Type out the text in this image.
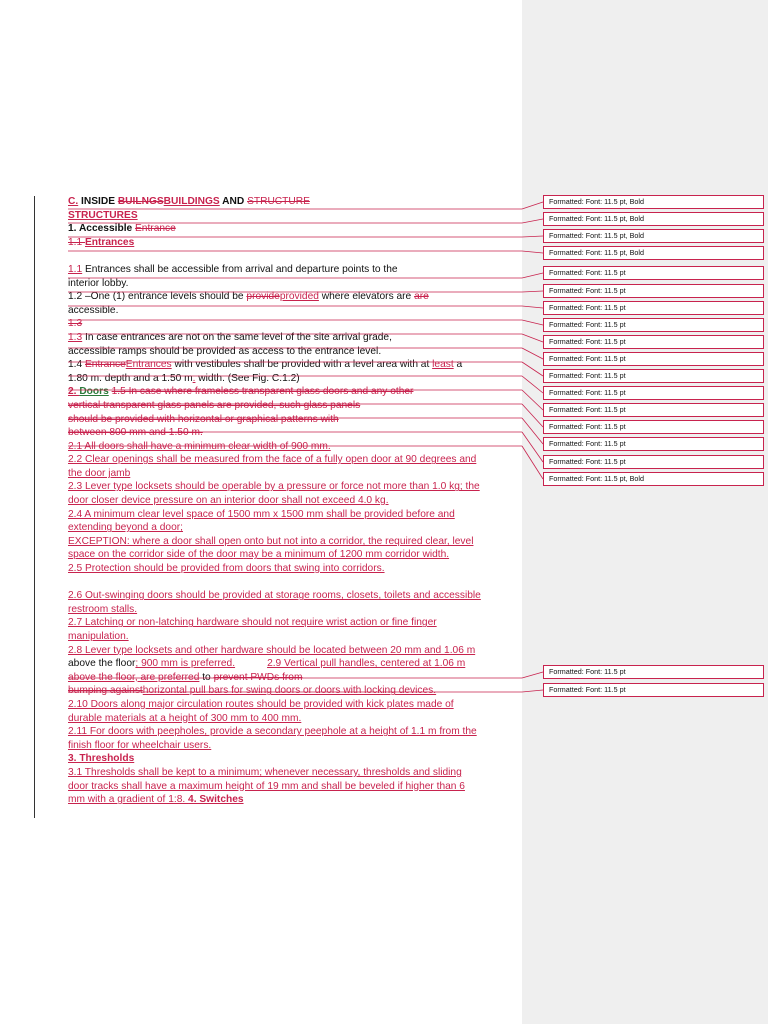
C. INSIDE BUILNGSBUILDINGS AND STRUCTURE
STRUCTURES
1. Accessible Entrance
1.1 Entrances
1.1 Entrances shall be accessible from arrival and departure points to the
interior lobby.
1.2 –One (1) entrance levels should be provideprovided where elevators are are
accessible.
1.3
1.3 In case entrances are not on the same level of the site arrival grade,
accessible ramps should be provided as access to the entrance level.
1.4 EntranceEntrances with vestibules shall be provided with a level area with at least a
1.80 m. depth and a 1.50 m. width. (See Fig. C.1.2)
2. Doors 1.5 In case where frameless transparent glass doors and any other
vertical transparent glass panels are provided, such glass panels
should be provided with horizontal or graphical patterns with
between 800 mm and 1.50 m.
2.1 All doors shall have a minimum clear width of 900 mm.
2.2 Clear openings shall be measured from the face of a fully open door at 90 degrees and
the door jamb
2.3 Lever type locksets should be operable by a pressure or force not more than 1.0 kg; the
door closer device pressure on an interior door shall not exceed 4.0 kg.
2.4 A minimum clear level space of 1500 mm x 1500 mm shall be provided before and
extending beyond a door;
EXCEPTION: where a door shall open onto but not into a corridor, the required clear, level
space on the corridor side of the door may be a minimum of 1200 mm corridor width.
2.5 Protection should be provided from doors that swing into corridors.
2.6 Out-swinging doors should be provided at storage rooms, closets, toilets and accessible
restroom stalls.
2.7 Latching or non-latching hardware should not require wrist action or fine finger
manipulation.
2.8 Lever type locksets and other hardware should be located between 20 mm and 1.06 m
above the floor; 900 mm is preferred.	2.9 Vertical pull handles, centered at 1.06 m
above the floor, are preferred to prevent PWDs from
bumping againsthorizontal pull bars for swing doors or doors with locking devices.
2.10 Doors along major circulation routes should be provided with kick plates made of
durable materials at a height of 300 mm to 400 mm.
2.11 For doors with peepholes, provide a secondary peephole at a height of 1.1 m from the
finish floor for wheelchair users.
3. Thresholds
3.1 Thresholds shall be kept to a minimum; whenever necessary, thresholds and sliding
door tracks shall have a maximum height of 19 mm and shall be beveled if higher than 6
mm with a gradient of 1:8. 4. Switches
Formatted: Font: 11.5 pt, Bold
Formatted: Font: 11.5 pt, Bold
Formatted: Font: 11.5 pt, Bold
Formatted: Font: 11.5 pt, Bold
Formatted: Font: 11.5 pt
Formatted: Font: 11.5 pt
Formatted: Font: 11.5 pt
Formatted: Font: 11.5 pt
Formatted: Font: 11.5 pt
Formatted: Font: 11.5 pt
Formatted: Font: 11.5 pt
Formatted: Font: 11.5 pt
Formatted: Font: 11.5 pt
Formatted: Font: 11.5 pt
Formatted: Font: 11.5 pt
Formatted: Font: 11.5 pt
Formatted: Font: 11.5 pt, Bold
Formatted: Font: 11.5 pt
Formatted: Font: 11.5 pt
